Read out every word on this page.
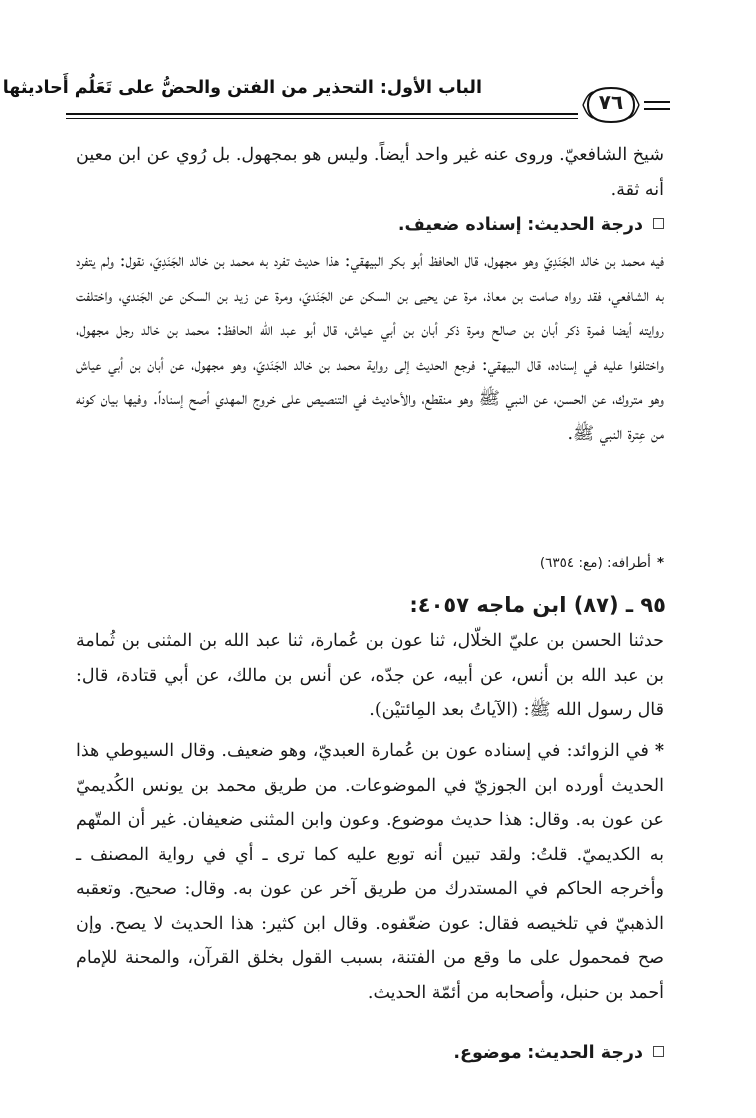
الباب الأول: التحذير من الفتن والحضُّ على تَعَلُم أَحاديثها
٧٦
شيخ الشافعيّ. وروى عنه غير واحد أيضاً. وليس هو بمجهول. بل رُوي عن ابن معين أنه ثقة.
درجة الحديث: إسناده ضعيف.
فيه محمد بن خالد الجَنَدِيّ وهو مجهول، قال الحافظ أبو بكر البيهقي: هذا حديث تفرد به محمد بن خالد الجَنَدِيّ، نقول: ولم يتفرد به الشافعي، فقد رواه صامت بن معاذ، مرة عن يحيى بن السكن عن الجَنَديّ، ومرة عن زيد بن السكن عن الجَندي، واختلفت روايته أيضا فمرة ذكر أبان بن صالح ومرة ذكر أبان بن أبي عياش، قال أبو عبد الله الحافظ: محمد بن خالد رجل مجهول، واختلفوا عليه في إسناده، قال البيهقي: فرجع الحديث إلى رواية محمد بن خالد الجَنَديّ، وهو مجهول، عن أبان بن أبي عياش وهو متروك، عن الحسن، عن النبي ﷺ وهو منقطع، والأحاديث في التنصيص على خروج المهدي أصح إسناداً. وفيها بيان كونه من عِترة النبي ﷺ.
*أطرافه: (مع: ٦٣٥٤)
٩٥ ـ (٨٧) ابن ماجه ٤٠٥٧:
حدثنا الحسن بن عليّ الخلّال، ثنا عون بن عُمارة، ثنا عبد الله بن المثنى بن ثُمامة بن عبد الله بن أنس، عن أبيه، عن جدّه، عن أنس بن مالك، عن أبي قتادة، قال: قال رسول الله ﷺ: (الآياتُ بعد المِائتيْن).
*في الزوائد: في إسناده عون بن عُمارة العبديّ، وهو ضعيف. وقال السيوطي هذا الحديث أورده ابن الجوزيّ في الموضوعات. من طريق محمد بن يونس الكُديميّ عن عون به. وقال: هذا حديث موضوع. وعون وابن المثنى ضعيفان. غير أن المتّهم به الكديميّ. قلتُ: ولقد تبين أنه توبع عليه كما ترى ـ أي في رواية المصنف ـ وأخرجه الحاكم في المستدرك من طريق آخر عن عون به. وقال: صحيح. وتعقبه الذهبيّ في تلخيصه فقال: عون ضعّفوه. وقال ابن كثير: هذا الحديث لا يصح. وإن صح فمحمول على ما وقع من الفتنة، بسبب القول بخلق القرآن، والمحنة للإمام أحمد بن حنبل، وأصحابه من أئمّة الحديث.
درجة الحديث: موضوع.
